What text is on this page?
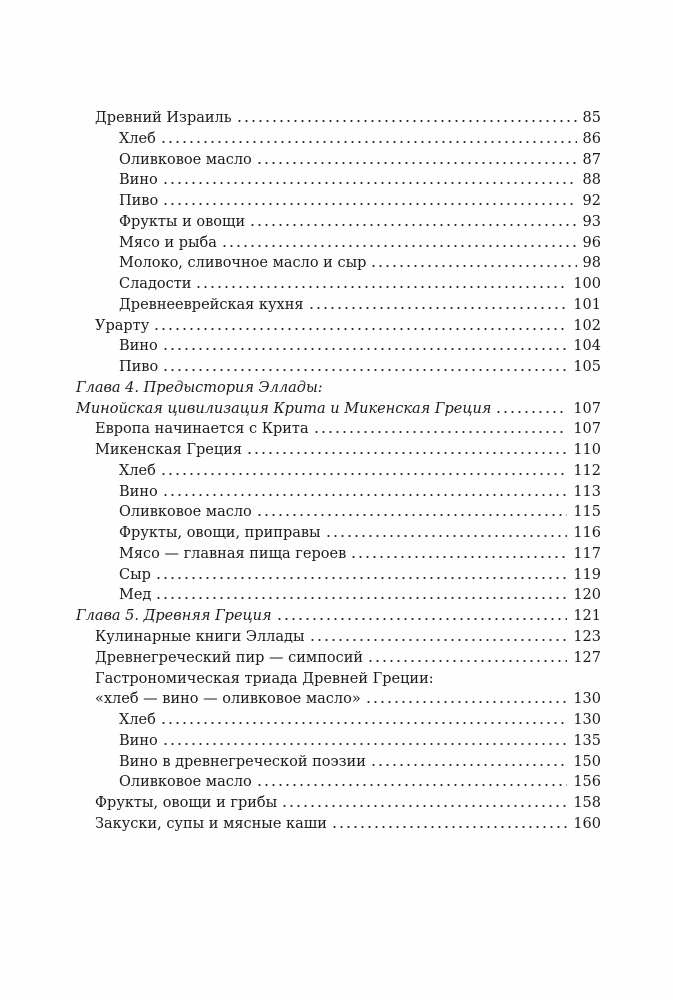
Древний Израиль	85
Хлеб	86
Оливковое масло	87
Вино	88
Пиво	92
Фрукты и овощи	93
Мясо и рыба	96
Молоко, сливочное масло и сыр	98
Сладости	100
Древнееврейская кухня	101
Урарту	102
Вино	104
Пиво	105
Глава 4. Предыстория Эллады:
Минойская цивилизация Крита и Микенская Греция	107
Европа начинается с Крита	107
Микенская Греция	110
Хлеб	112
Вино	113
Оливковое масло	115
Фрукты, овощи, приправы	116
Мясо — главная пища героев	117
Сыр	119
Мед	120
Глава 5. Древняя Греция	121
Кулинарные книги Эллады	123
Древнегреческий пир — симпосий	127
Гастрономическая триада Древней Греции:
«хлеб — вино — оливковое масло»	130
Хлеб	130
Вино	135
Вино в древнегреческой поэзии	150
Оливковое масло	156
Фрукты, овощи и грибы	158
Закуски, супы и мясные каши	160
